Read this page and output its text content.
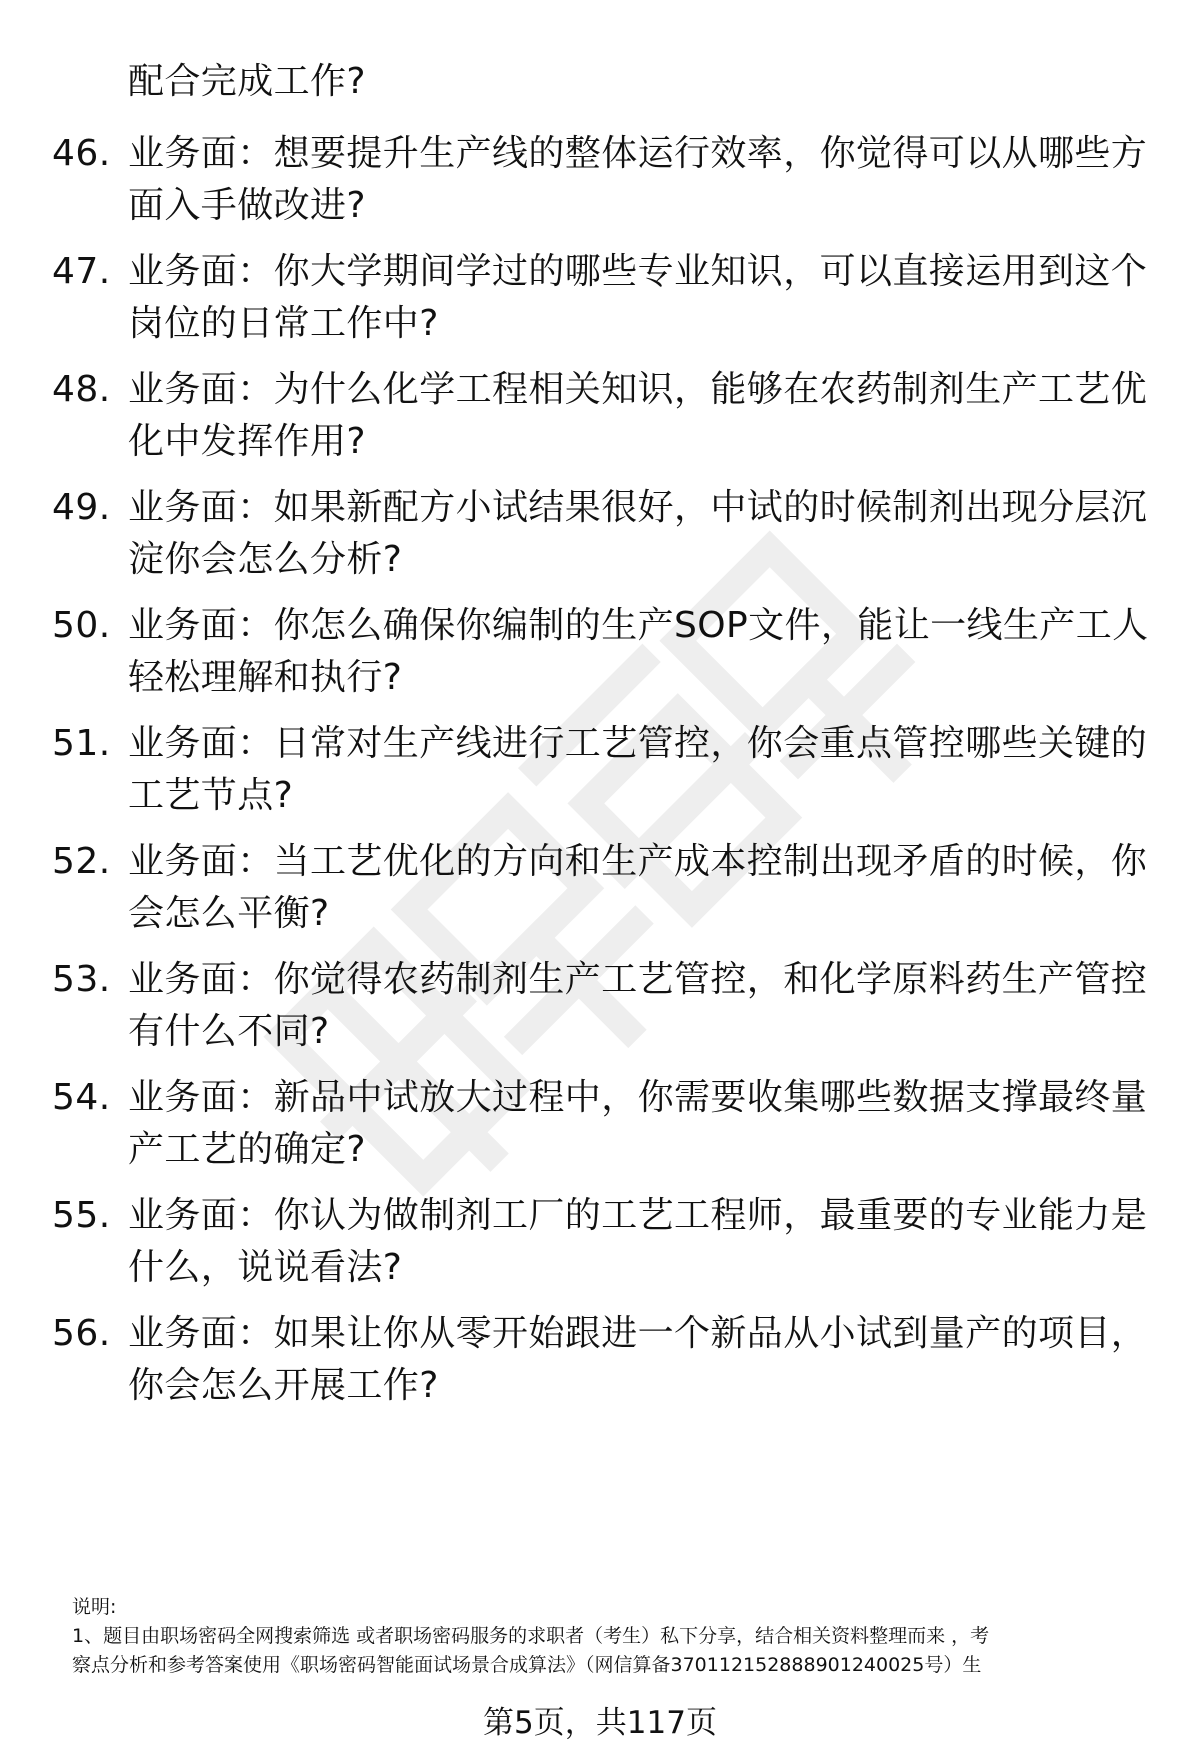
配合完成工作?
46. 业务面：想要提升生产线的整体运行效率，你觉得可以从哪些方
面入手做改进?
47. 业务面：你大学期间学过的哪些专业知识，可以直接运用到这个
岗位的日常工作中?
48. 业务面：为什么化学工程相关知识，能够在农药制剂生产工艺优
化中发挥作用?
49. 业务面：如果新配方小试结果很好，中试的时候制剂出现分层沉
淀你会怎么分析?
50. 业务面：你怎么确保你编制的生产SOP文件，能让一线生产工人
轻松理解和执行?
51. 业务面：日常对生产线进行工艺管控，你会重点管控哪些关键的
工艺节点?
52. 业务面：当工艺优化的方向和生产成本控制出现矛盾的时候，你
会怎么平衡?
53. 业务面：你觉得农药制剂生产工艺管控，和化学原料药生产管控
有什么不同?
54. 业务面：新品中试放大过程中，你需要收集哪些数据支撑最终量
产工艺的确定?
55. 业务面：你认为做制剂工厂的工艺工程师，最重要的专业能力是
什么，说说看法?
56. 业务面：如果让你从零开始跟进一个新品从小试到量产的项目，
你会怎么开展工作?
说明:
1、题目由职场密码全网搜索筛选 或者职场密码服务的求职者（考生）私下分享，结合相关资料整理而来 ，考
察点分析和参考答案使用《职场密码智能面试场景合成算法》（网信算备370112152888901240025号）生
第5页，共117页
